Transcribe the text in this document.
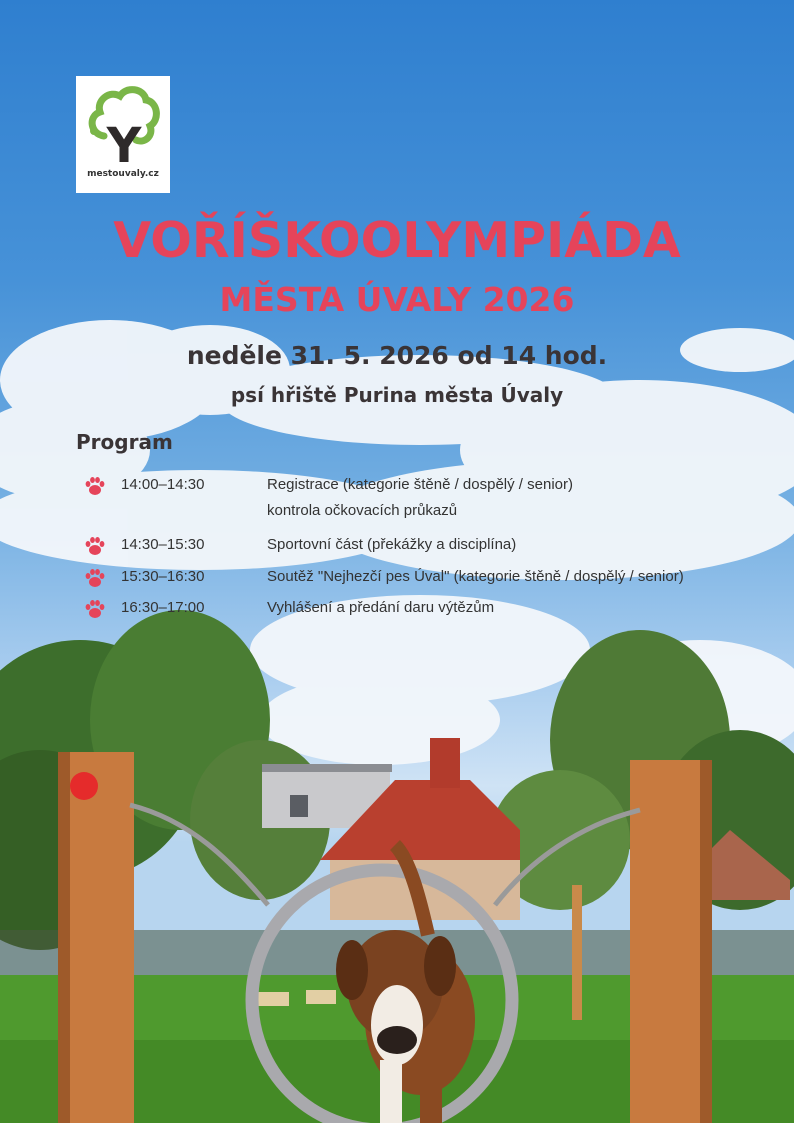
Y
mestouvaly.cz
VOŘÍŠKOOLYMPIÁDA
MĚSTA ÚVALY 2026

neděle 31. 5. 2026 od 14 hod.

psí hřiště Purina města Úvaly

Program
14:00–14:30	Registrace (kategorie štěně / dospělý / senior)
kontrola očkovacích průkazů
14:30–15:30	Sportovní část (překážky a disciplína)
15:30–16:30	Soutěž "Nejhezčí pes Úval" (kategorie štěně / dospělý / senior)
16:30–17:00	Vyhlášení a předání daru výtězům
